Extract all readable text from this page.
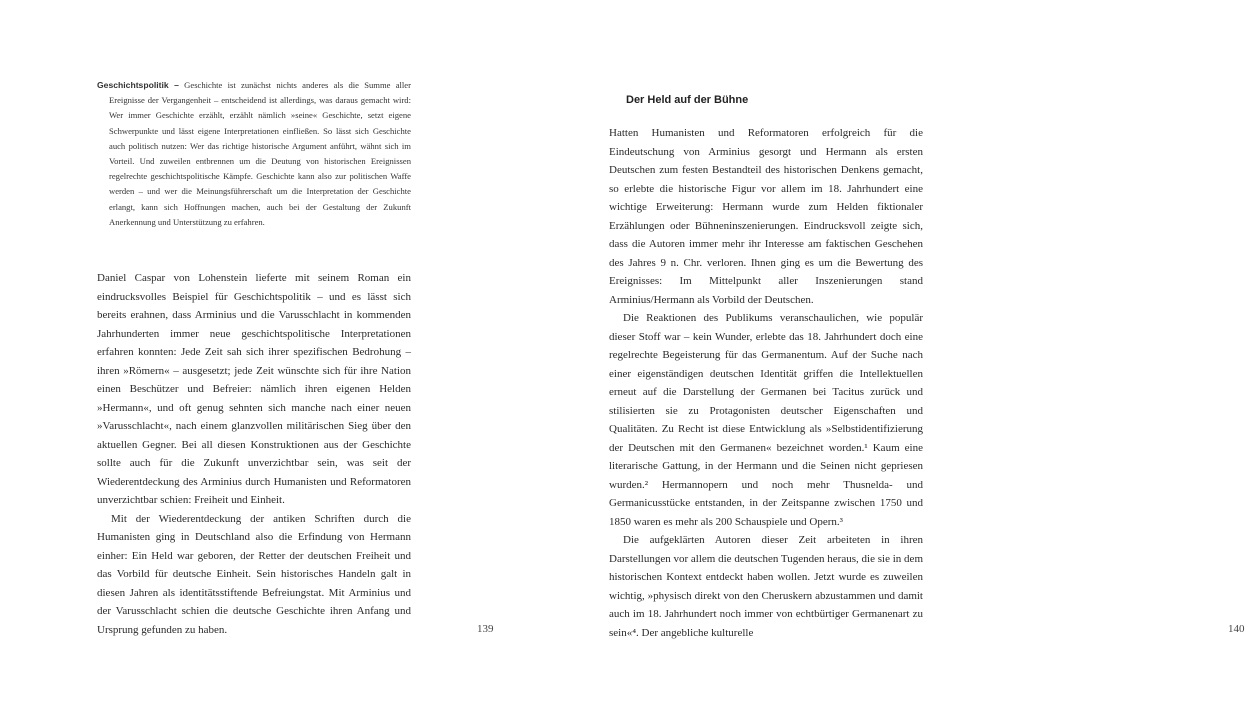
Geschichtspolitik – Geschichte ist zunächst nichts anderes als die Summe aller Ereignisse der Vergangenheit – entscheidend ist allerdings, was daraus gemacht wird: Wer immer Geschichte erzählt, erzählt nämlich »seine« Geschichte, setzt eigene Schwerpunkte und lässt eigene Interpretationen einfließen. So lässt sich Geschichte auch politisch nutzen: Wer das richtige historische Argument anführt, wähnt sich im Vorteil. Und zuweilen entbrennen um die Deutung von historischen Ereignissen regelrechte geschichtspolitische Kämpfe. Geschichte kann also zur politischen Waffe werden – und wer die Meinungsführerschaft um die Interpretation der Geschichte erlangt, kann sich Hoffnungen machen, auch bei der Gestaltung der Zukunft Anerkennung und Unterstützung zu erfahren.

Daniel Caspar von Lohenstein lieferte mit seinem Roman ein eindrucksvolles Beispiel für Geschichtspolitik – und es lässt sich bereits erahnen, dass Arminius und die Varusschlacht in kommenden Jahrhunderten immer neue geschichtspolitische Interpretationen erfahren konnten: Jede Zeit sah sich ihrer spezifischen Bedrohung – ihren »Römern« – ausgesetzt; jede Zeit wünschte sich für ihre Nation einen Beschützer und Befreier: nämlich ihren eigenen Helden »Hermann«, und oft genug sehnten sich manche nach einer neuen »Varusschlacht«, nach einem glanzvollen militärischen Sieg über den aktuellen Gegner. Bei all diesen Konstruktionen aus der Geschichte sollte auch für die Zukunft unverzichtbar sein, was seit der Wiederentdeckung des Arminius durch Humanisten und Reformatoren unverzichtbar schien: Freiheit und Einheit.

Mit der Wiederentdeckung der antiken Schriften durch die Humanisten ging in Deutschland also die Erfindung von Hermann einher: Ein Held war geboren, der Retter der deutschen Freiheit und das Vorbild für deutsche Einheit. Sein historisches Handeln galt in diesen Jahren als identitätsstiftende Befreiungstat. Mit Arminius und der Varusschlacht schien die deutsche Geschichte ihren Anfang und Ursprung gefunden zu haben.	139
Der Held auf der Bühne

Hatten Humanisten und Reformatoren erfolgreich für die Eindeutschung von Arminius gesorgt und Hermann als ersten Deutschen zum festen Bestandteil des historischen Denkens gemacht, so erlebte die historische Figur vor allem im 18. Jahrhundert eine wichtige Erweiterung: Hermann wurde zum Helden fiktionaler Erzählungen oder Bühneninszenierungen. Eindrucksvoll zeigte sich, dass die Autoren immer mehr ihr Interesse am faktischen Geschehen des Jahres 9 n. Chr. verloren. Ihnen ging es um die Bewertung des Ereignisses: Im Mittelpunkt aller Inszenierungen stand Arminius/Hermann als Vorbild der Deutschen.

Die Reaktionen des Publikums veranschaulichen, wie populär dieser Stoff war – kein Wunder, erlebte das 18. Jahrhundert doch eine regelrechte Begeisterung für das Germanentum. Auf der Suche nach einer eigenständigen deutschen Identität griffen die Intellektuellen erneut auf die Darstellung der Germanen bei Tacitus zurück und stilisierten sie zu Protagonisten deutscher Eigenschaften und Qualitäten. Zu Recht ist diese Entwicklung als »Selbstidentifizierung der Deutschen mit den Germanen« bezeichnet worden.¹ Kaum eine literarische Gattung, in der Hermann und die Seinen nicht gepriesen wurden.² Hermannopern und noch mehr Thusnelda- und Germanicusstücke entstanden, in der Zeitspanne zwischen 1750 und 1850 waren es mehr als 200 Schauspiele und Opern.³

Die aufgeklärten Autoren dieser Zeit arbeiteten in ihren Darstellungen vor allem die deutschen Tugenden heraus, die sie in dem historischen Kontext entdeckt haben wollen. Jetzt wurde es zuweilen wichtig, »physisch direkt von den Cheruskern abzustammen und damit auch im 18. Jahrhundert noch immer von echtbürtiger Germanenart zu sein«⁴. Der angebliche kulturelle	140
